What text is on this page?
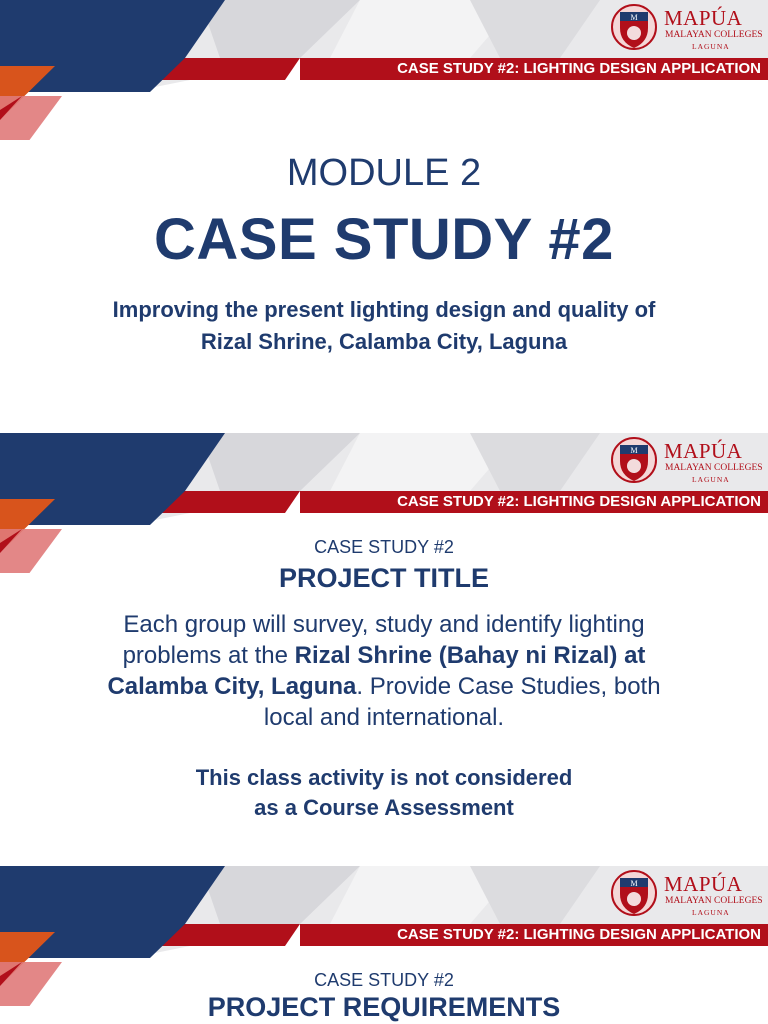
M MAPÚA
MALAYAN COLLEGES
LAGUNA
CASE STUDY #2: LIGHTING DESIGN APPLICATION
MODULE 2
CASE STUDY #2
Improving the present lighting design and quality of
Rizal Shrine, Calamba City, Laguna
M MAPÚA
MALAYAN COLLEGES
LAGUNA
CASE STUDY #2: LIGHTING DESIGN APPLICATION
CASE STUDY #2
PROJECT TITLE
Each group will survey, study and identify lighting
problems at the Rizal Shrine (Bahay ni Rizal) at
Calamba City, Laguna. Provide Case Studies, both
local and international.
This class activity is not considered
as a Course Assessment
M MAPÚA
MALAYAN COLLEGES
LAGUNA
CASE STUDY #2: LIGHTING DESIGN APPLICATION
CASE STUDY #2
PROJECT REQUIREMENTS
